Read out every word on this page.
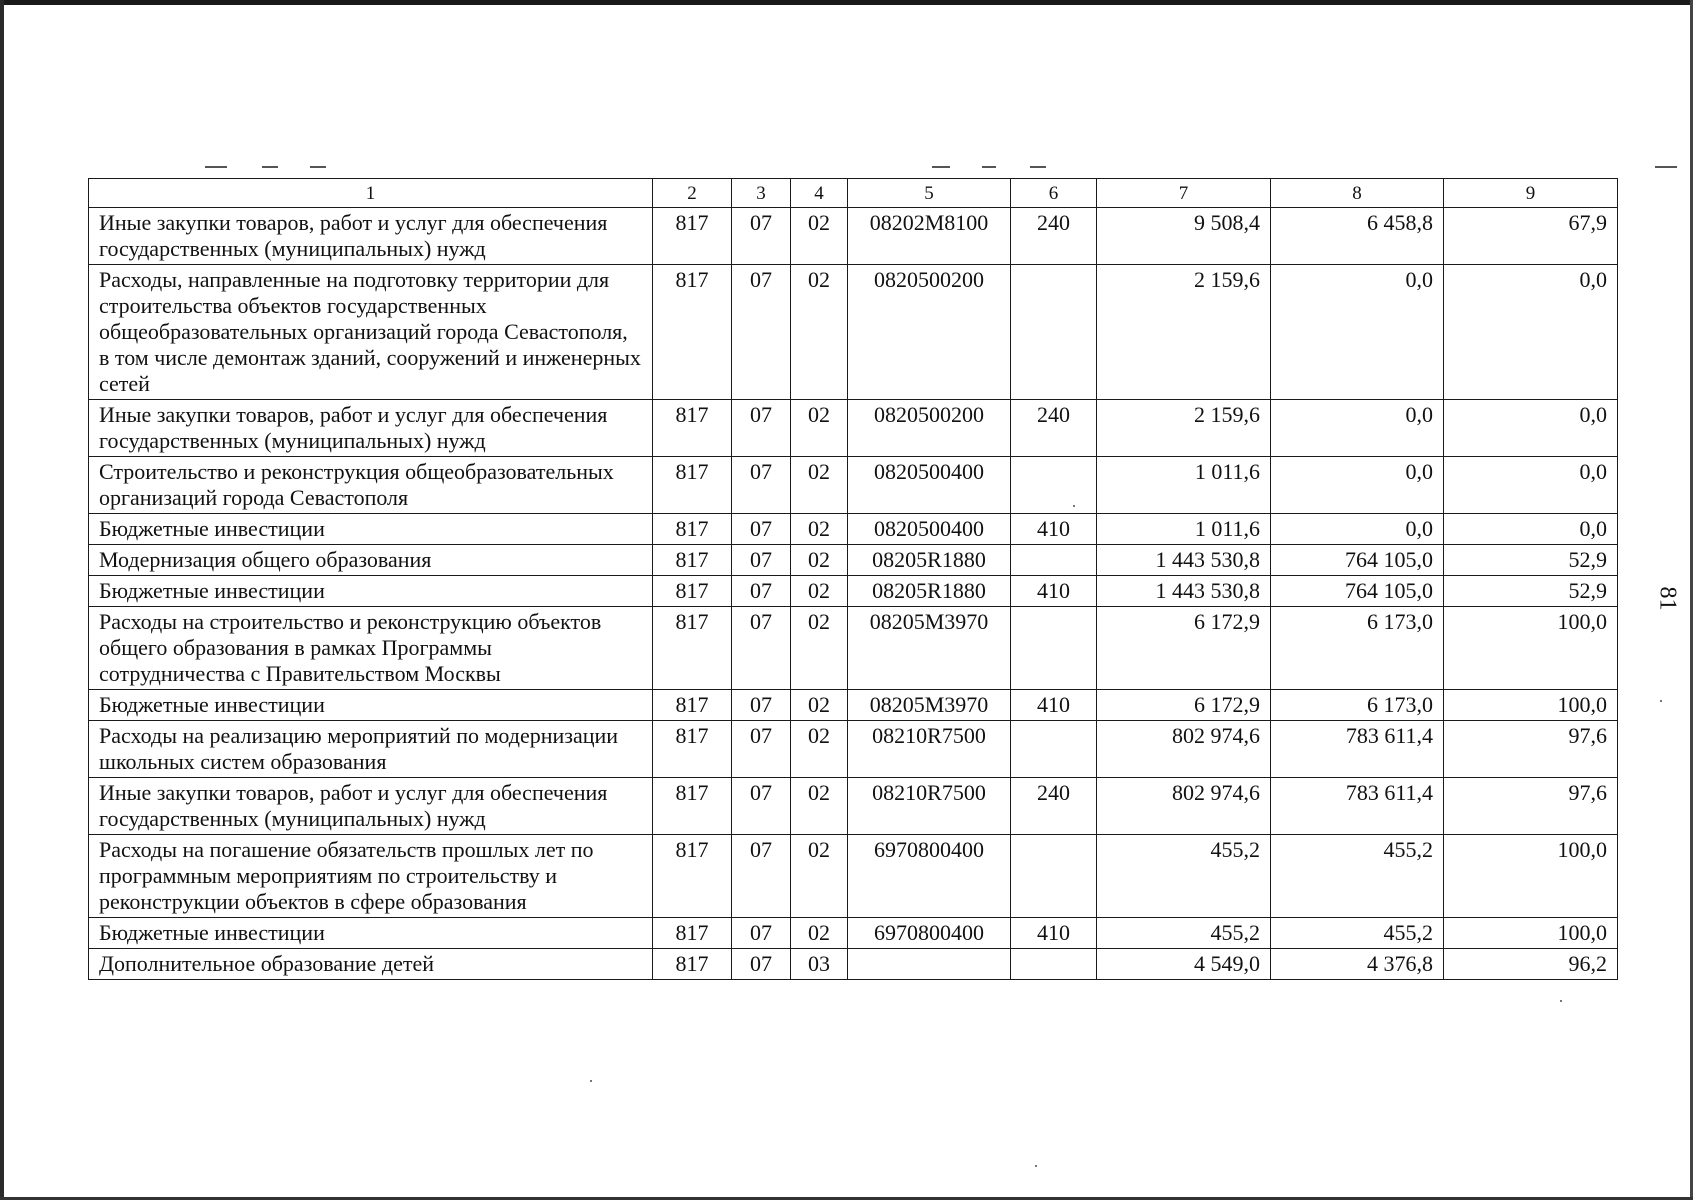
1	2	3	4	5	6	7	8	9
Иные закупки товаров, работ и услуг для обеспечения государственных (муниципальных) нужд	817	07	02	08202M8100	240	9 508,4	6 458,8	67,9
Расходы, направленные на подготовку территории для строительства объектов государственных общеобразовательных организаций города Севастополя, в том числе демонтаж зданий, сооружений и инженерных сетей	817	07	02	0820500200		2 159,6	0,0	0,0
Иные закупки товаров, работ и услуг для обеспечения государственных (муниципальных) нужд	817	07	02	0820500200	240	2 159,6	0,0	0,0
Строительство и реконструкция общеобразовательных организаций города Севастополя	817	07	02	0820500400		1 011,6	0,0	0,0
Бюджетные инвестиции	817	07	02	0820500400	410	1 011,6	0,0	0,0
Модернизация общего образования	817	07	02	08205R1880		1 443 530,8	764 105,0	52,9
Бюджетные инвестиции	817	07	02	08205R1880	410	1 443 530,8	764 105,0	52,9
Расходы на строительство и реконструкцию объектов общего образования в рамках Программы сотрудничества с Правительством Москвы	817	07	02	08205M3970		6 172,9	6 173,0	100,0
Бюджетные инвестиции	817	07	02	08205M3970	410	6 172,9	6 173,0	100,0
Расходы на реализацию мероприятий по модернизации школьных систем образования	817	07	02	08210R7500		802 974,6	783 611,4	97,6
Иные закупки товаров, работ и услуг для обеспечения государственных (муниципальных) нужд	817	07	02	08210R7500	240	802 974,6	783 611,4	97,6
Расходы на погашение обязательств прошлых лет по программным мероприятиям по строительству и реконструкции объектов в сфере образования	817	07	02	6970800400		455,2	455,2	100,0
Бюджетные инвестиции	817	07	02	6970800400	410	455,2	455,2	100,0
Дополнительное образование детей	817	07	03			4 549,0	4 376,8	96,2
81
